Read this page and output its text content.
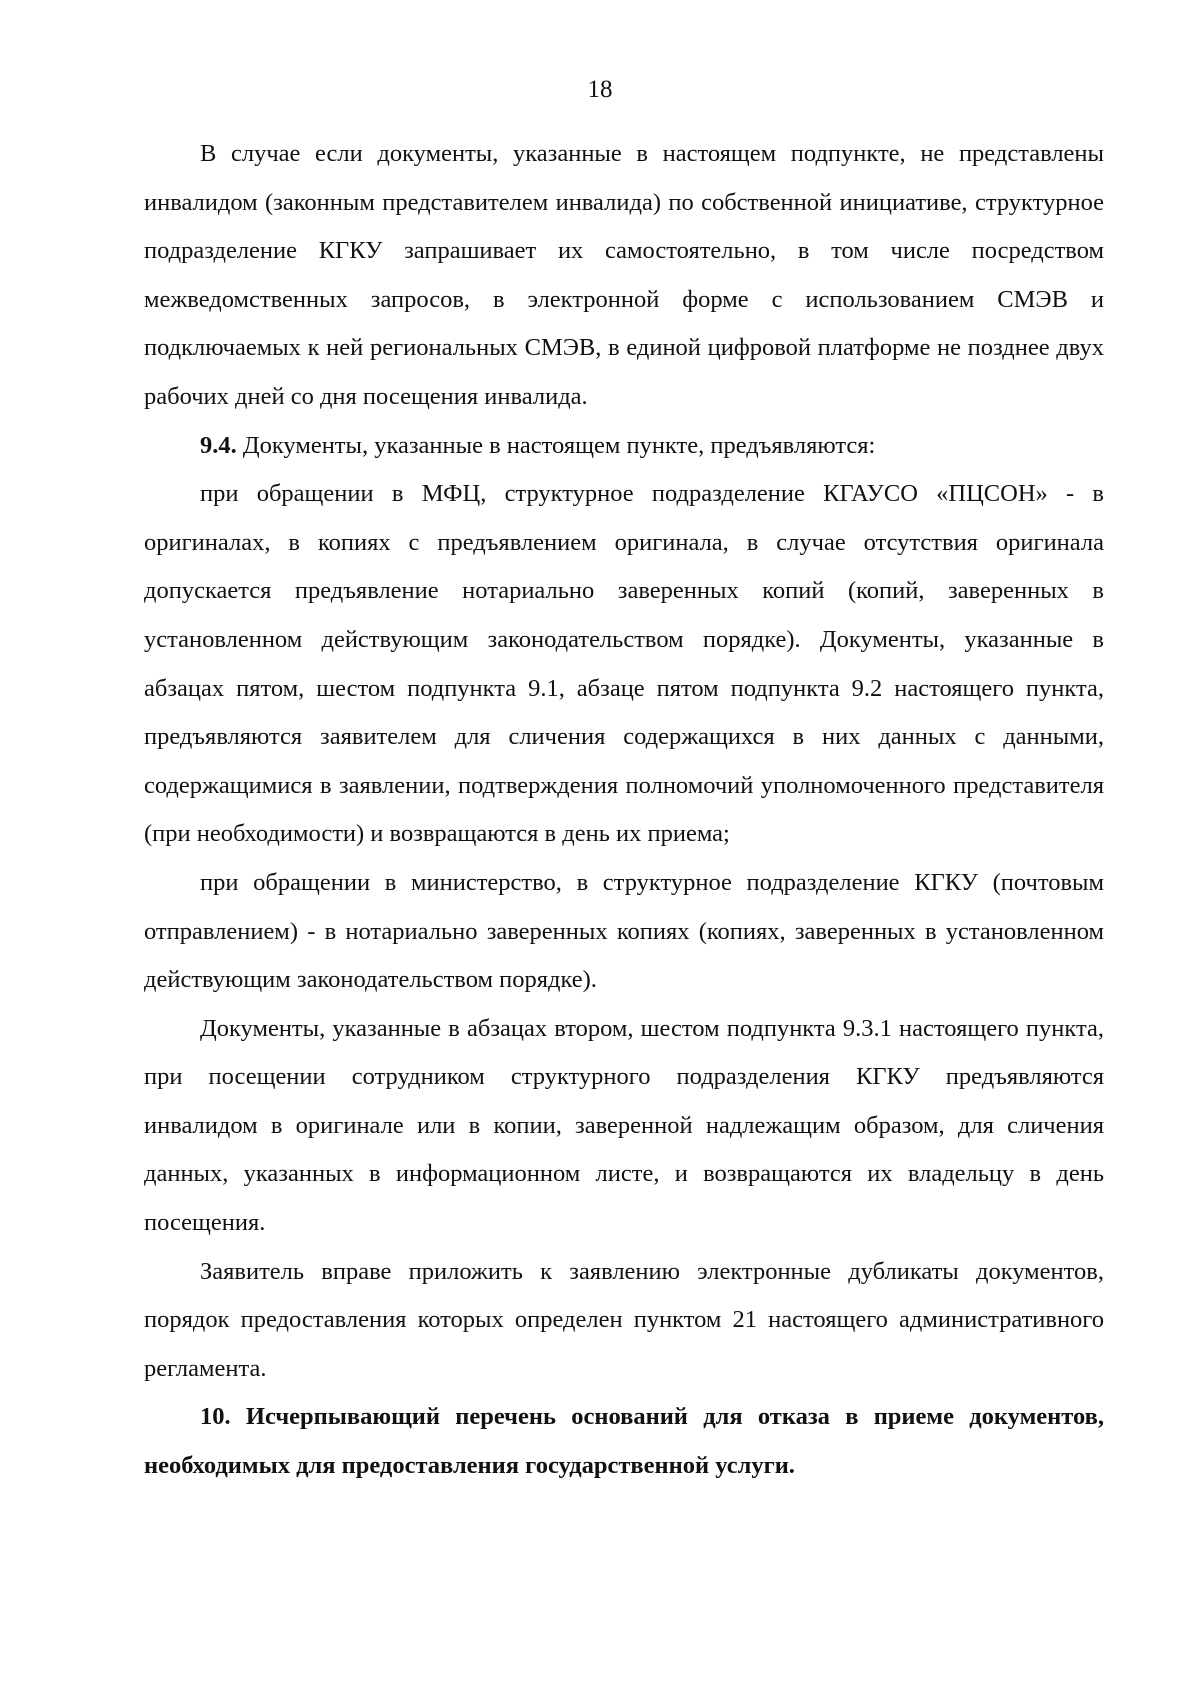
18

В случае если документы, указанные в настоящем подпункте, не представлены инвалидом (законным представителем инвалида) по собственной инициативе, структурное подразделение КГКУ запрашивает их самостоятельно, в том числе посредством межведомственных запросов, в электронной форме с использованием СМЭВ и подключаемых к ней региональных СМЭВ, в единой цифровой платформе не позднее двух рабочих дней со дня посещения инвалида.

9.4. Документы, указанные в настоящем пункте, предъявляются:

при обращении в МФЦ, структурное подразделение КГАУСО «ПЦСОН» - в оригиналах, в копиях с предъявлением оригинала, в случае отсутствия оригинала допускается предъявление нотариально заверенных копий (копий, заверенных в установленном действующим законодательством порядке). Документы, указанные в абзацах пятом, шестом подпункта 9.1, абзаце пятом подпункта 9.2 настоящего пункта, предъявляются заявителем для сличения содержащихся в них данных с данными, содержащимися в заявлении, подтверждения полномочий уполномоченного представителя (при необходимости) и возвращаются в день их приема;

при обращении в министерство, в структурное подразделение КГКУ (почтовым отправлением) - в нотариально заверенных копиях (копиях, заверенных в установленном действующим законодательством порядке).

Документы, указанные в абзацах втором, шестом подпункта 9.3.1 настоящего пункта, при посещении сотрудником структурного подразделения КГКУ предъявляются инвалидом в оригинале или в копии, заверенной надлежащим образом, для сличения данных, указанных в информационном листе, и возвращаются их владельцу в день посещения.

Заявитель вправе приложить к заявлению электронные дубликаты документов, порядок предоставления которых определен пунктом 21 настоящего административного регламента.

10. Исчерпывающий перечень оснований для отказа в приеме документов, необходимых для предоставления государственной услуги.
